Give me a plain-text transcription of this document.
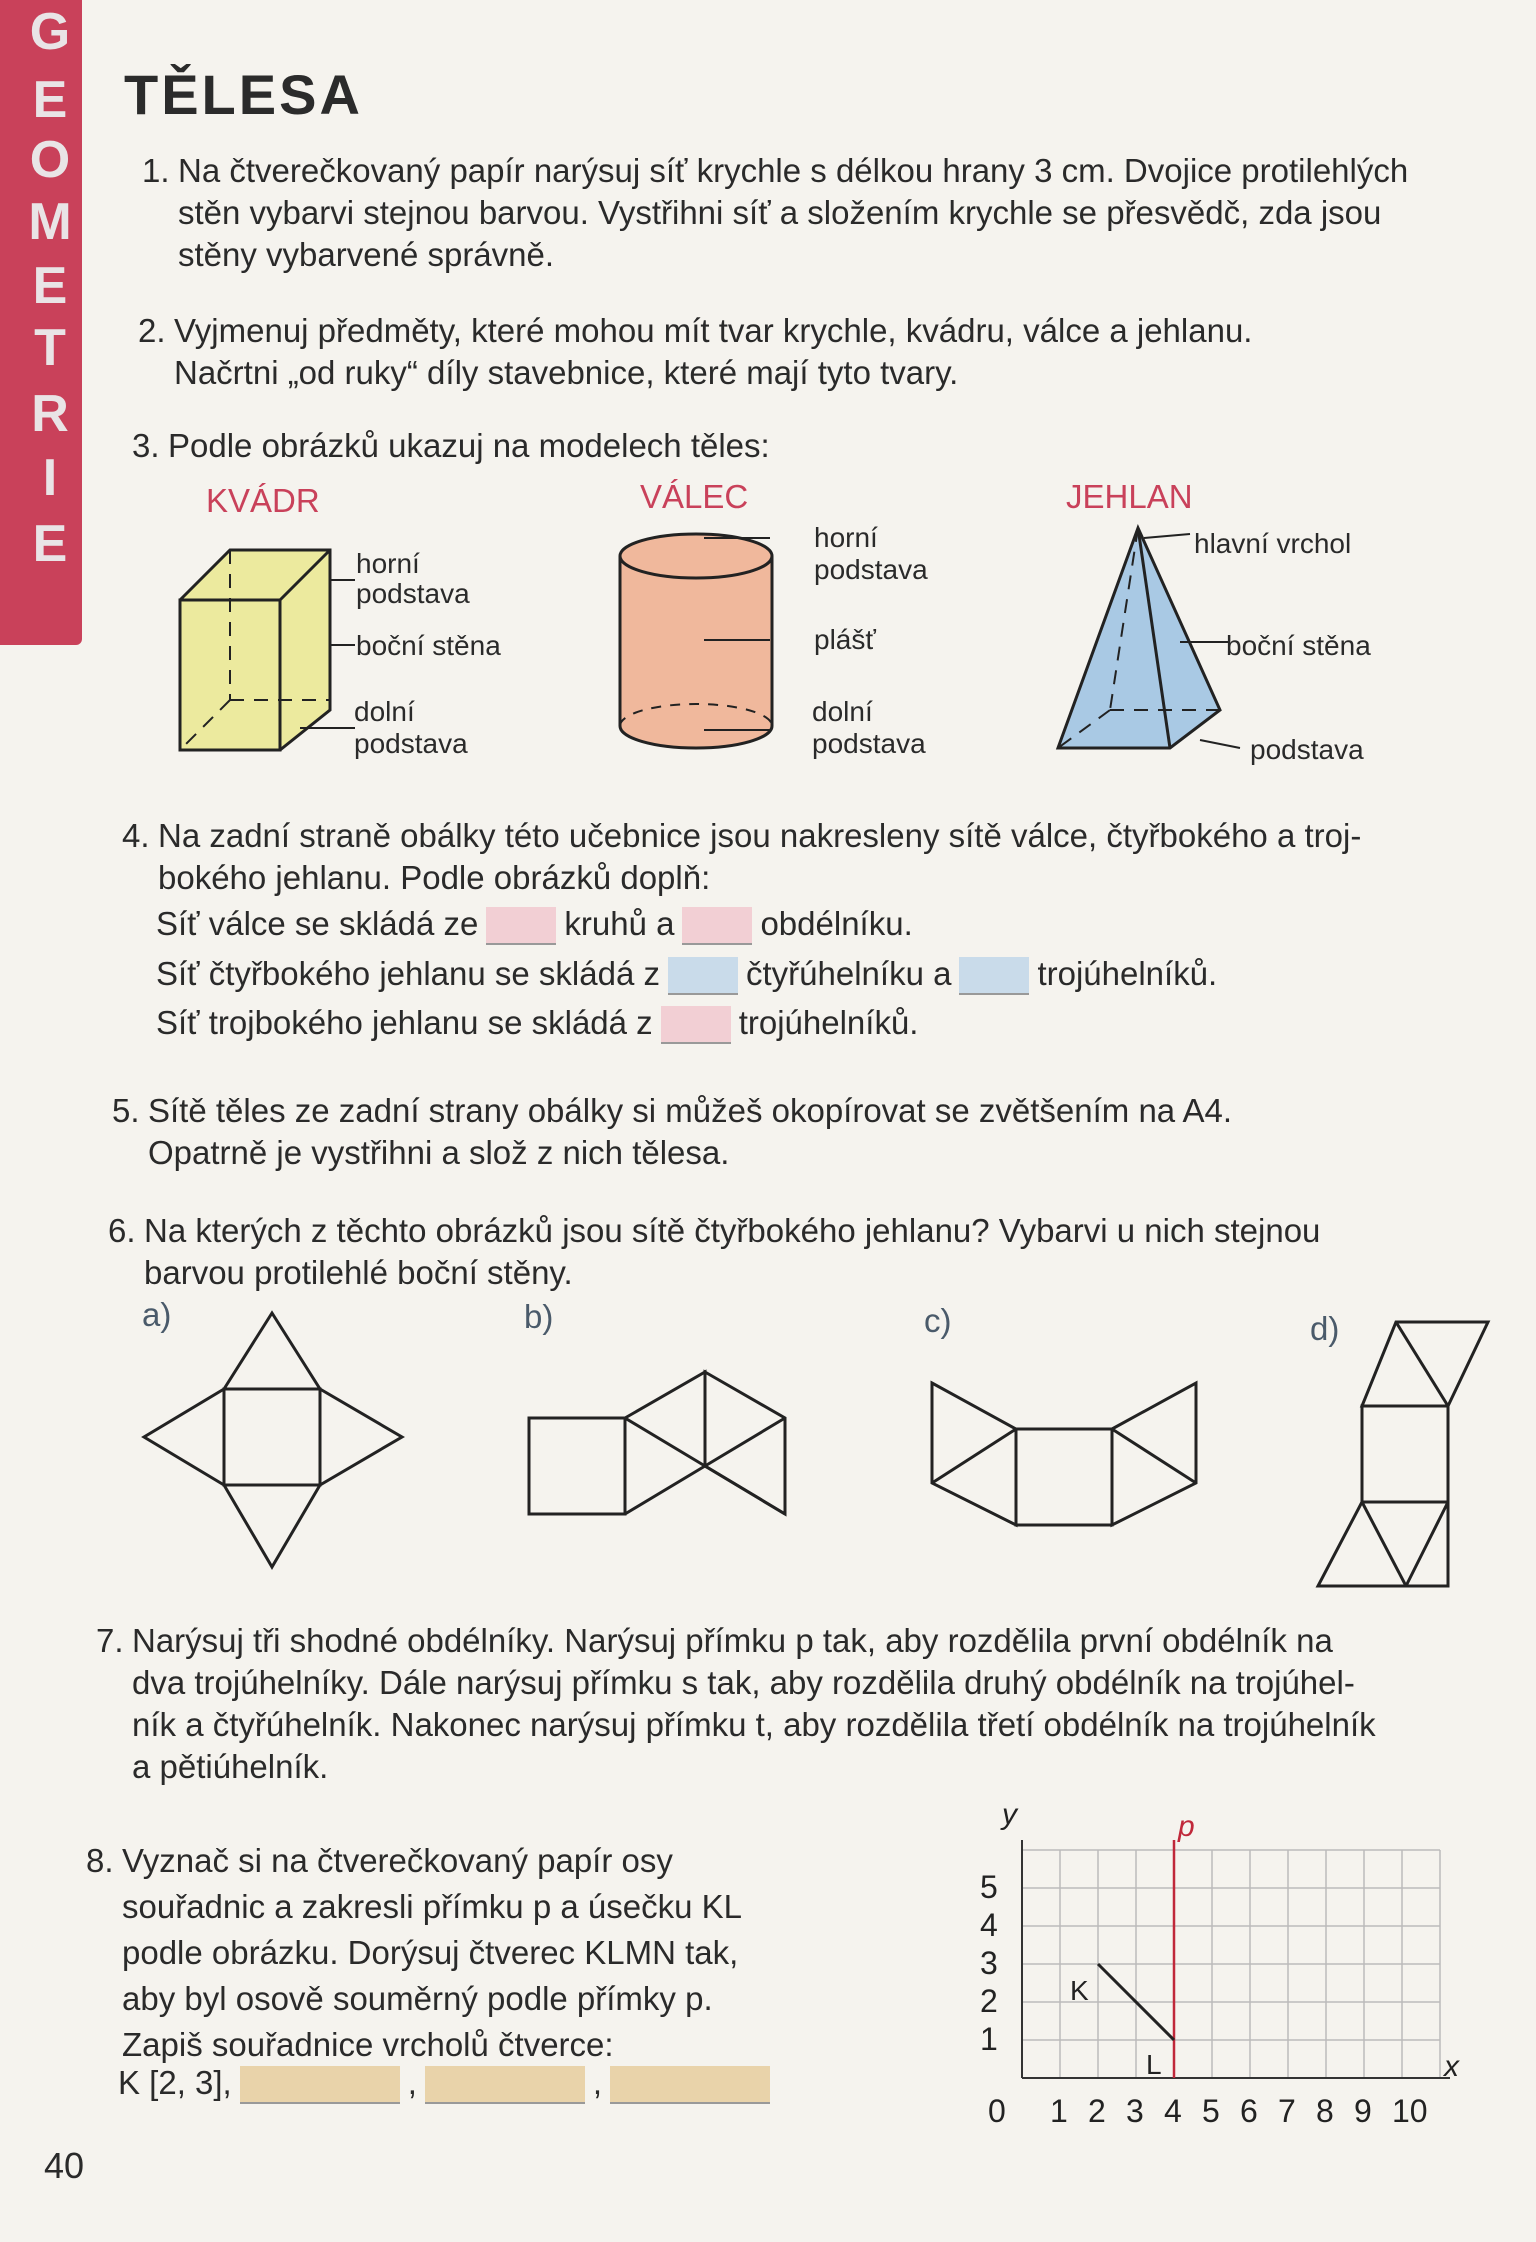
G
E
O
M
E
T
R
I
E
TĚLESA
1. Na čtverečkovaný papír narýsuj síť krychle s délkou hrany 3 cm. Dvojice protilehlých
stěn vybarvi stejnou barvou. Vystřihni síť a složením krychle se přesvědč, zda jsou
stěny vybarvené správně.
2. Vyjmenuj předměty, které mohou mít tvar krychle, kvádru, válce a jehlanu.
Načrtni „od ruky“ díly stavebnice, které mají tyto tvary.
3. Podle obrázků ukazuj na modelech těles:
KVÁDR	VÁLEC	JEHLAN
horní
podstava
boční stěna
dolní
podstava
horní
podstava
plášť
dolní
podstava
hlavní vrchol
boční stěna
podstava
4. Na zadní straně obálky této učebnice jsou nakresleny sítě válce, čtyřbokého a troj-
bokého jehlanu. Podle obrázků doplň:
Síť válce se skládá ze	kruhů a	obdélníku.
Síť čtyřbokého jehlanu se skládá z	čtyřúhelníku a	trojúhelníků.
Síť trojbokého jehlanu se skládá z	trojúhelníků.
5. Sítě těles ze zadní strany obálky si můžeš okopírovat se zvětšením na A4.
Opatrně je vystřihni a slož z nich tělesa.
6. Na kterých z těchto obrázků jsou sítě čtyřbokého jehlanu? Vybarvi u nich stejnou
barvou protilehlé boční stěny.
a)	b)	c)	d)
7. Narýsuj tři shodné obdélníky. Narýsuj přímku p tak, aby rozdělila první obdélník na
dva trojúhelníky. Dále narýsuj přímku s tak, aby rozdělila druhý obdélník na trojúhel-
ník a čtyřúhelník. Nakonec narýsuj přímku t, aby rozdělila třetí obdélník na trojúhelník
a pětiúhelník.
8. Vyznač si na čtverečkovaný papír osy
souřadnic a zakresli přímku p a úsečku KL
podle obrázku. Dorýsuj čtverec KLMN tak,
aby byl osově souměrný podle přímky p.
Zapiš souřadnice vrcholů čtverce:
K [2, 3],	,	,
1 2 3 4 5 6 7 8 9 10
1
2
3
4
5
y
x
p
K
L
0
40
